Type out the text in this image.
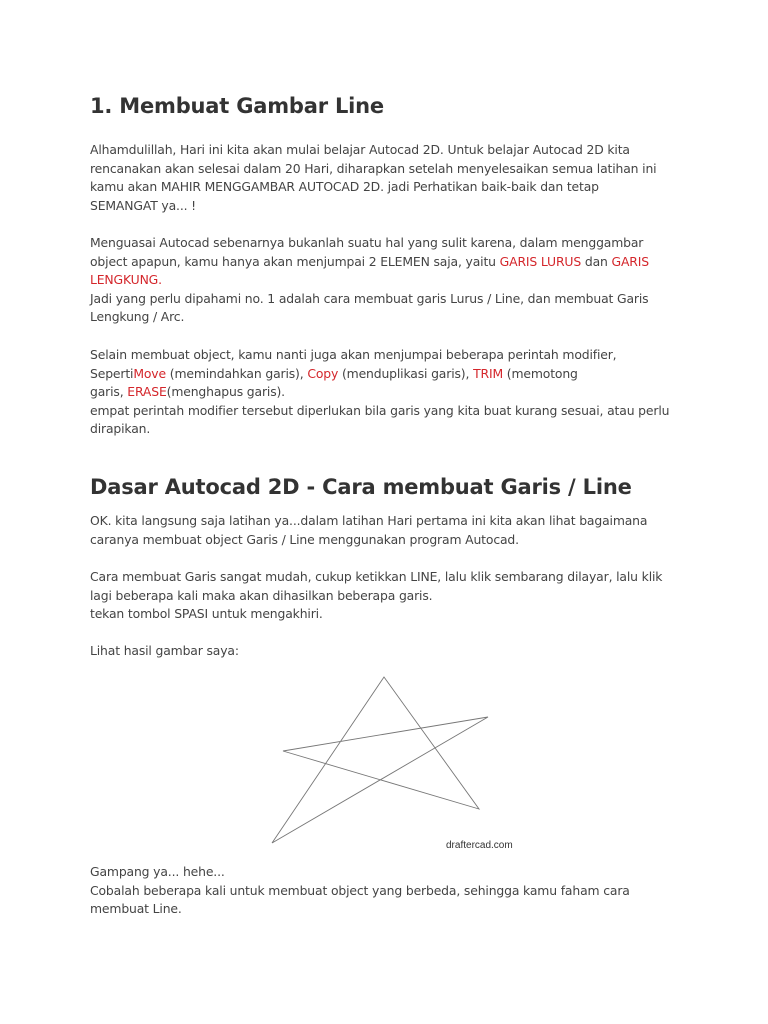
1. Membuat Gambar Line
Alhamdulillah, Hari ini kita akan mulai belajar Autocad 2D. Untuk belajar Autocad 2D kita
rencanakan akan selesai dalam 20 Hari, diharapkan setelah menyelesaikan semua latihan ini
kamu akan MAHIR MENGGAMBAR AUTOCAD 2D. jadi Perhatikan baik-baik dan tetap
SEMANGAT ya... !
Menguasai Autocad sebenarnya bukanlah suatu hal yang sulit karena, dalam menggambar
object apapun, kamu hanya akan menjumpai 2 ELEMEN saja, yaitu GARIS LURUS dan GARIS
LENGKUNG.
Jadi yang perlu dipahami no. 1 adalah cara membuat garis Lurus / Line, dan membuat Garis
Lengkung / Arc.
Selain membuat object, kamu nanti juga akan menjumpai beberapa perintah modifier,
SepertiMove (memindahkan garis), Copy (menduplikasi garis), TRIM (memotong
garis, ERASE(menghapus garis).
empat perintah modifier tersebut diperlukan bila garis yang kita buat kurang sesuai, atau perlu
dirapikan.
Dasar Autocad 2D - Cara membuat Garis / Line
OK. kita langsung saja latihan ya...dalam latihan Hari pertama ini kita akan lihat bagaimana
caranya membuat object Garis / Line menggunakan program Autocad.
Cara membuat Garis sangat mudah, cukup ketikkan LINE, lalu klik sembarang dilayar, lalu klik
lagi beberapa kali maka akan dihasilkan beberapa garis.
tekan tombol SPASI untuk mengakhiri.
Lihat hasil gambar saya:
draftercad.com
Gampang ya... hehe...
Cobalah beberapa kali untuk membuat object yang berbeda, sehingga kamu faham cara
membuat Line.
